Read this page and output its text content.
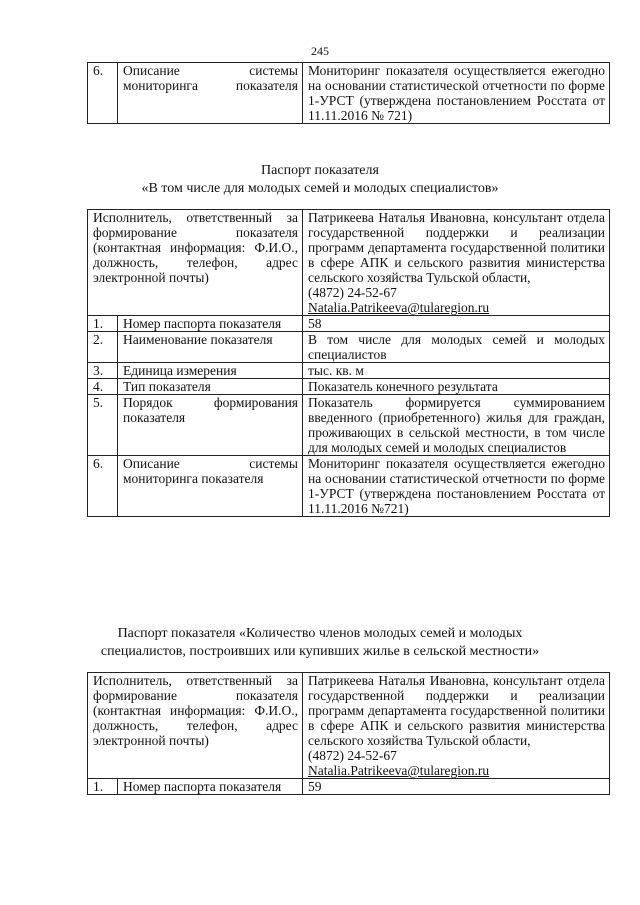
245
6.	Описание системы мониторинга показателя	Мониторинг показателя осуществляется ежегодно на основании статистической отчетности по форме 1-УРСТ (утверждена постановлением Росстата от 11.11.2016 № 721)
Паспорт показателя
«В том числе для молодых семей и молодых специалистов»
Исполнитель, ответственный за формирование показателя (контактная информация: Ф.И.О., должность, телефон, адрес электронной почты)		Патрикеева Наталья Ивановна, консультант отдела государственной поддержки и реализации программ департамента государственной политики в сфере АПК и сельского развития министерства сельского хозяйства Тульской области,
(4872) 24-52-67
Natalia.Patrikeeva@tularegion.ru

1.	Номер паспорта показателя	58
2.	Наименование показателя	В том числе для молодых семей и молодых специалистов
3.	Единица измерения	тыс. кв. м
4.	Тип показателя	Показатель конечного результата
5.	Порядок формирования показателя	Показатель формируется суммированием введенного (приобретенного) жилья для граждан, проживающих в сельской местности, в том числе для молодых семей и молодых специалистов
6.	Описание системы мониторинга показателя	Мониторинг показателя осуществляется ежегодно на основании статистической отчетности по форме 1-УРСТ (утверждена постановлением Росстата от 11.11.2016 №721)
Паспорт показателя «Количество членов молодых семей и молодых
специалистов, построивших или купивших жилье в сельской местности»
Исполнитель, ответственный за формирование показателя (контактная информация: Ф.И.О., должность, телефон, адрес электронной почты)		Патрикеева Наталья Ивановна, консультант отдела государственной поддержки и реализации программ департамента государственной политики в сфере АПК и сельского развития министерства сельского хозяйства Тульской области,
(4872) 24-52-67
Natalia.Patrikeeva@tularegion.ru

1.	Номер паспорта показателя	59
